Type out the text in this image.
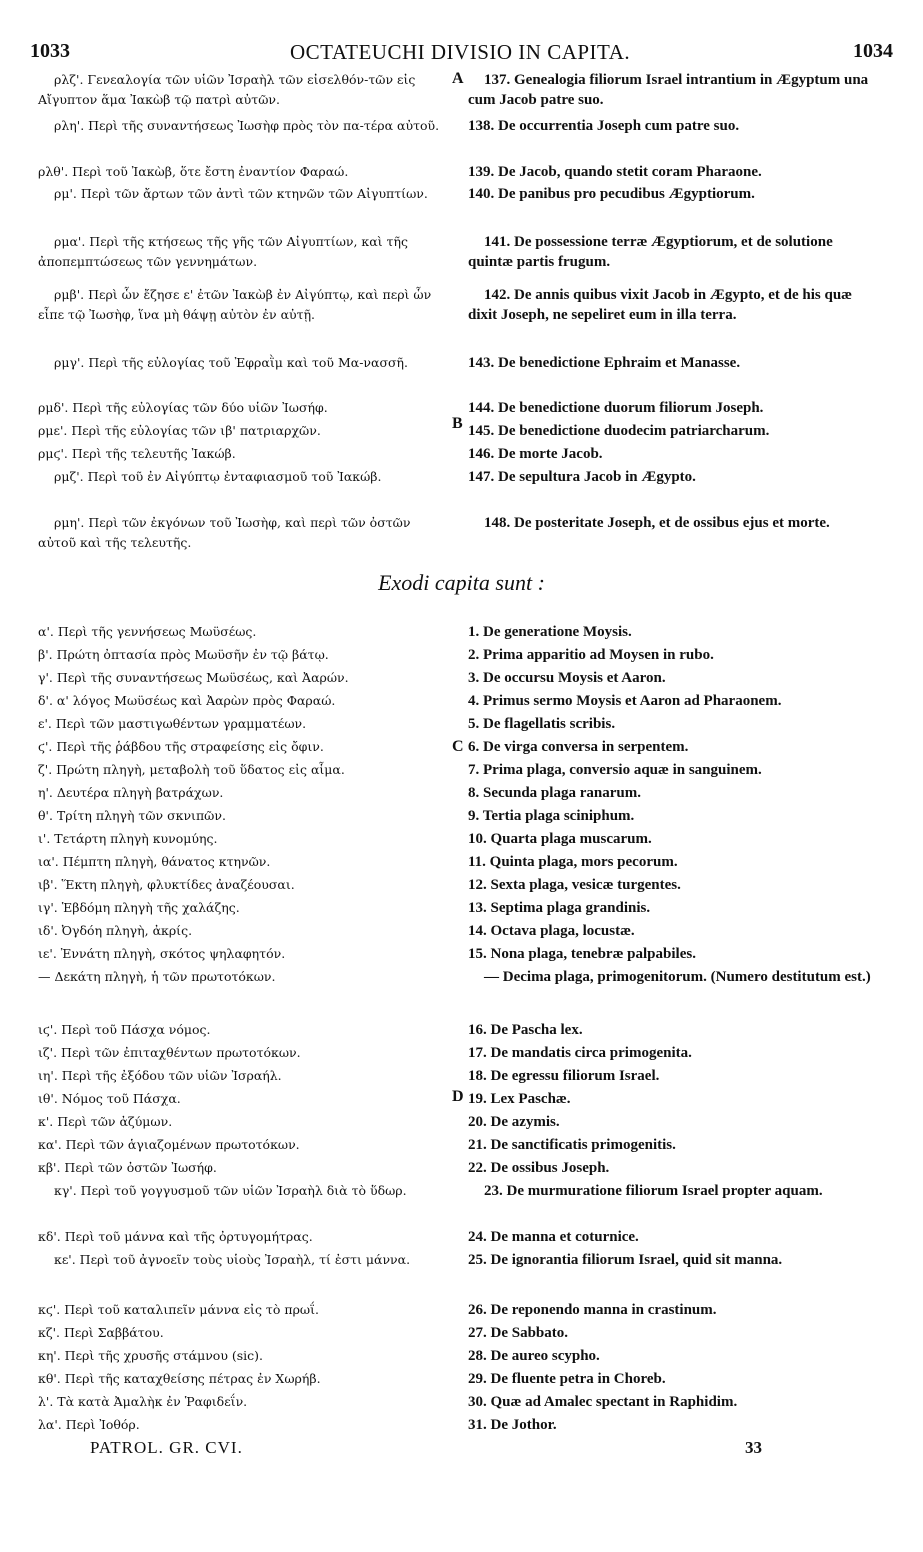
1033	OCTATEUCHI DIVISIO IN CAPITA.	1034
ρλζ'. Γενεαλογία τῶν υἱῶν Ἰσραὴλ τῶν εἰσελθόν-τῶν εἰς Αἴγυπτον ἅμα Ἰακὼβ τῷ πατρὶ αὐτῶν.
137. Genealogia filiorum Israel intrantium in Ægyptum una cum Jacob patre suo.
ρλη'. Περὶ τῆς συναντήσεως Ἰωσὴφ πρὸς τὸν πα-τέρα αὐτοῦ.	138. De occurrentia Joseph cum patre suo.
ρλθ'. Περὶ τοῦ Ἰακὼβ, ὅτε ἔστη ἐναντίον Φαραώ.	139. De Jacob, quando stetit coram Pharaone.
ρμ'. Περὶ τῶν ἄρτων τῶν ἀντὶ τῶν κτηνῶν τῶν Αἰγυπτίων.	140. De panibus pro pecudibus Ægyptiorum.
ρμα'. Περὶ τῆς κτήσεως τῆς γῆς τῶν Αἰγυπτίων, καὶ τῆς ἀποπεμπτώσεως τῶν γεννημάτων.
141. De possessione terræ Ægyptiorum, et de solutione quintæ partis frugum.
ρμβ'. Περὶ ὧν ἔζησε ε' ἐτῶν Ἰακὼβ ἐν Αἰγύπτῳ, καὶ περὶ ὧν εἶπε τῷ Ἰωσὴφ, ἵνα μὴ θάψῃ αὐτὸν ἐν αὐτῇ.
142. De annis quibus vixit Jacob in Ægypto, et de his quæ dixit Joseph, ne sepeliret eum in illa terra.
ρμγ'. Περὶ τῆς εὐλογίας τοῦ Ἐφραῒμ καὶ τοῦ Μα-νασσῆ.	143. De benedictione Ephraim et Manasse.
ρμδ'. Περὶ τῆς εὐλογίας τῶν δύο υἱῶν Ἰωσήφ.	144. De benedictione duorum filiorum Joseph.
ρμε'. Περὶ τῆς εὐλογίας τῶν ιβ' πατριαρχῶν.	145. De benedictione duodecim patriarcharum.
ρμϛ'. Περὶ τῆς τελευτῆς Ἰακώβ.	146. De morte Jacob.
ρμζ'. Περὶ τοῦ ἐν Αἰγύπτῳ ἐνταφιασμοῦ τοῦ Ἰακώβ.	147. De sepultura Jacob in Ægypto.
ρμη'. Περὶ τῶν ἐκγόνων τοῦ Ἰωσὴφ, καὶ περὶ τῶν ὀστῶν αὐτοῦ καὶ τῆς τελευτῆς.
148. De posteritate Joseph, et de ossibus ejus et morte.
A
B
C
D
Exodi capita sunt :
α'. Περὶ τῆς γεννήσεως Μωϋσέως.	1. De generatione Moysis.
β'. Πρώτη ὀπτασία πρὸς Μωϋσῆν ἐν τῷ βάτῳ.	2. Prima apparitio ad Moysen in rubo.
γ'. Περὶ τῆς συναντήσεως Μωϋσέως, καὶ Ἀαρών.	3. De occursu Moysis et Aaron.
δ'. α' λόγος Μωϋσέως καὶ Ἀαρὼν πρὸς Φαραώ.	4. Primus sermo Moysis et Aaron ad Pharaonem.
ε'. Περὶ τῶν μαστιγωθέντων γραμματέων.	5. De flagellatis scribis.
ϛ'. Περὶ τῆς ῥάβδου τῆς στραφείσης εἰς ὄφιν.	6. De virga conversa in serpentem.
ζ'. Πρώτη πληγὴ, μεταβολὴ τοῦ ὕδατος εἰς αἷμα.	7. Prima plaga, conversio aquæ in sanguinem.
η'. Δευτέρα πληγὴ βατράχων.	8. Secunda plaga ranarum.
θ'. Τρίτη πληγὴ τῶν σκνιπῶν.	9. Tertia plaga sciniphum.
ι'. Τετάρτη πληγὴ κυνομύης.	10. Quarta plaga muscarum.
ια'. Πέμπτη πληγὴ, θάνατος κτηνῶν.	11. Quinta plaga, mors pecorum.
ιβ'. Ἕκτη πληγὴ, φλυκτίδες ἀναζέουσαι.	12. Sexta plaga, vesicæ turgentes.
ιγ'. Ἑβδόμη πληγὴ τῆς χαλάζης.	13. Septima plaga grandinis.
ιδ'. Ὀγδόη πληγὴ, ἀκρίς.	14. Octava plaga, locustæ.
ιε'. Ἐννάτη πληγὴ, σκότος ψηλαφητόν.	15. Nona plaga, tenebræ palpabiles.
— Δεκάτη πληγὴ, ἡ τῶν πρωτοτόκων.	— Decima plaga, primogenitorum. (Numero destitutum est.)
ιϛ'. Περὶ τοῦ Πάσχα νόμος.	16. De Pascha lex.
ιζ'. Περὶ τῶν ἐπιταχθέντων πρωτοτόκων.	17. De mandatis circa primogenita.
ιη'. Περὶ τῆς ἐξόδου τῶν υἱῶν Ἰσραήλ.	18. De egressu filiorum Israel.
ιθ'. Νόμος τοῦ Πάσχα.	19. Lex Paschæ.
κ'. Περὶ τῶν ἀζύμων.	20. De azymis.
κα'. Περὶ τῶν ἁγιαζομένων πρωτοτόκων.	21. De sanctificatis primogenitis.
κβ'. Περὶ τῶν ὀστῶν Ἰωσήφ.	22. De ossibus Joseph.
κγ'. Περὶ τοῦ γογγυσμοῦ τῶν υἱῶν Ἰσραὴλ διὰ τὸ ὕδωρ.	23. De murmuratione filiorum Israel propter aquam.
κδ'. Περὶ τοῦ μάννα καὶ τῆς ὀρτυγομήτρας.	24. De manna et coturnice.
κε'. Περὶ τοῦ ἀγνοεῖν τοὺς υἱοὺς Ἰσραὴλ, τί ἐστι μάννα.	25. De ignorantia filiorum Israel, quid sit manna.
κϛ'. Περὶ τοῦ καταλιπεῖν μάννα εἰς τὸ πρωΐ.	26. De reponendo manna in crastinum.
κζ'. Περὶ Σαββάτου.	27. De Sabbato.
κη'. Περὶ τῆς χρυσῆς στάμνου (sic).	28. De aureo scypho.
κθ'. Περὶ τῆς καταχθείσης πέτρας ἐν Χωρήβ.	29. De fluente petra in Choreb.
λ'. Τὰ κατὰ Ἀμαλὴκ ἐν Ῥαφιδεΐν.	30. Quæ ad Amalec spectant in Raphidim.
λα'. Περὶ Ἰοθόρ.	31. De Jothor.
PATROL. GR. CVI.	33
